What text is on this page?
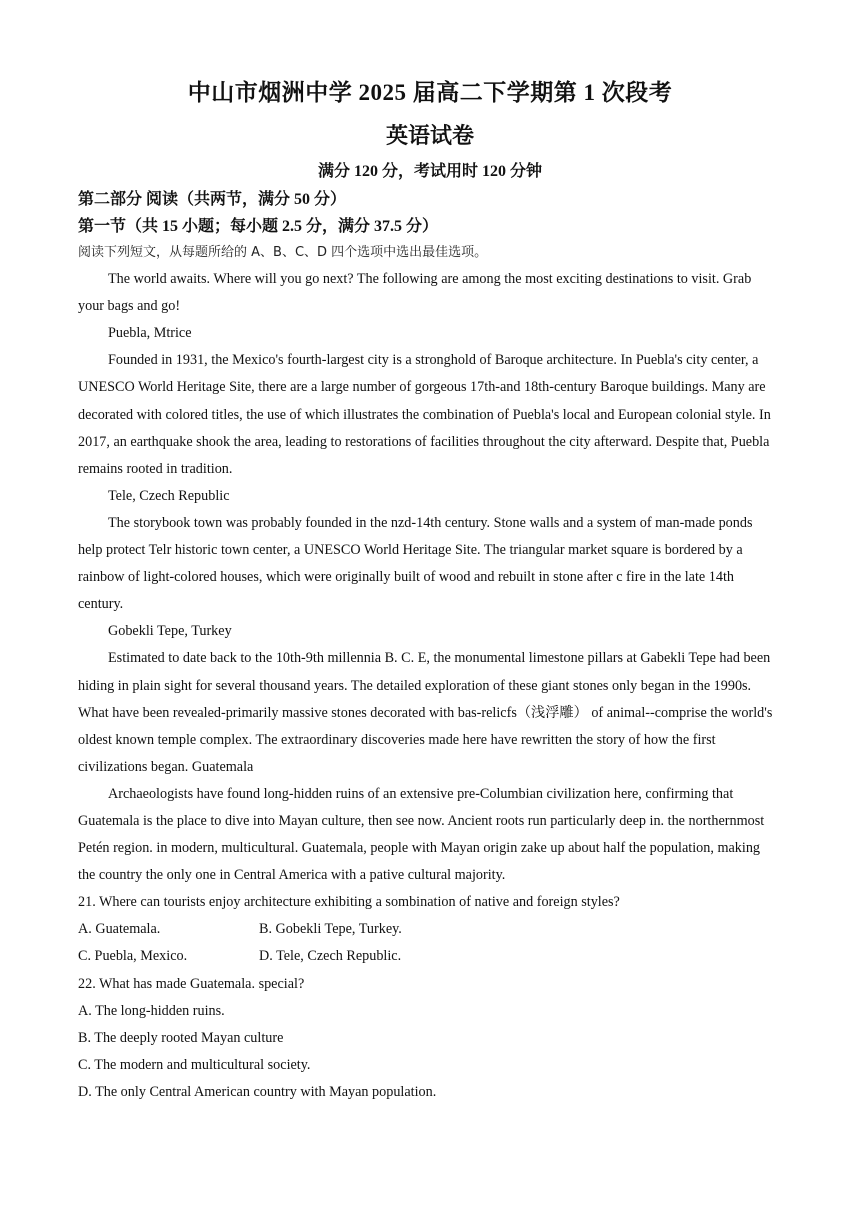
中山市烟洲中学 2025 届高二下学期第 1 次段考
英语试卷
满分 120 分，考试用时 120 分钟
第二部分 阅读（共两节，满分 50 分）
第一节（共 15 小题；每小题 2.5 分，满分 37.5 分）

阅读下列短文，从每题所给的 A、B、C、D 四个选项中选出最佳选项。

The world awaits. Where will you go next? The following are among the most exciting destinations to visit. Grab your bags and go!

Puebla, Mtrice

Founded in 1931, the Mexico's fourth-largest city is a stronghold of Baroque architecture. In Puebla's city center, a UNESCO World Heritage Site, there are a large number of gorgeous 17th-and 18th-century Baroque buildings. Many are decorated with colored titles, the use of which illustrates the combination of Puebla's local and European colonial style. In 2017, an earthquake shook the area, leading to restorations of facilities throughout the city afterward. Despite that, Puebla remains rooted in tradition.

Tele, Czech Republic

The storybook town was probably founded in the nzd-14th century. Stone walls and a system of man-made ponds help protect Telr historic town center, a UNESCO World Heritage Site. The triangular market square is bordered by a rainbow of light-colored houses, which were originally built of wood and rebuilt in stone after c fire in the late 14th century.

Gobekli Tepe, Turkey

Estimated to date back to the 10th-9th millennia B. C. E, the monumental limestone pillars at Gabekli Tepe had been hiding in plain sight for several thousand years. The detailed exploration of these giant stones only began in the 1990s. What have been revealed-primarily massive stones decorated with bas-relicfs（浅浮雕） of animal--comprise the world's oldest known temple complex. The extraordinary discoveries made here have rewritten the story of how the first civilizations began. Guatemala

Archaeologists have found long-hidden ruins of an extensive pre-Columbian civilization here, confirming that Guatemala is the place to dive into Mayan culture, then see now. Ancient roots run particularly deep in. the northernmost Petén region. in modern, multicultural. Guatemala, people with Mayan origin zake up about half the population, making the country the only one in Central America with a pative cultural majority.

21. Where can tourists enjoy architecture exhibiting a sombination of native and foreign styles?

A. Guatemala.	B. Gobekli Tepe, Turkey.
C. Puebla, Mexico.	D. Tele, Czech Republic.

22. What has made Guatemala. special?

A. The long-hidden ruins.

B. The deeply rooted Mayan culture

C. The modern and multicultural society.

D. The only Central American country with Mayan population.
